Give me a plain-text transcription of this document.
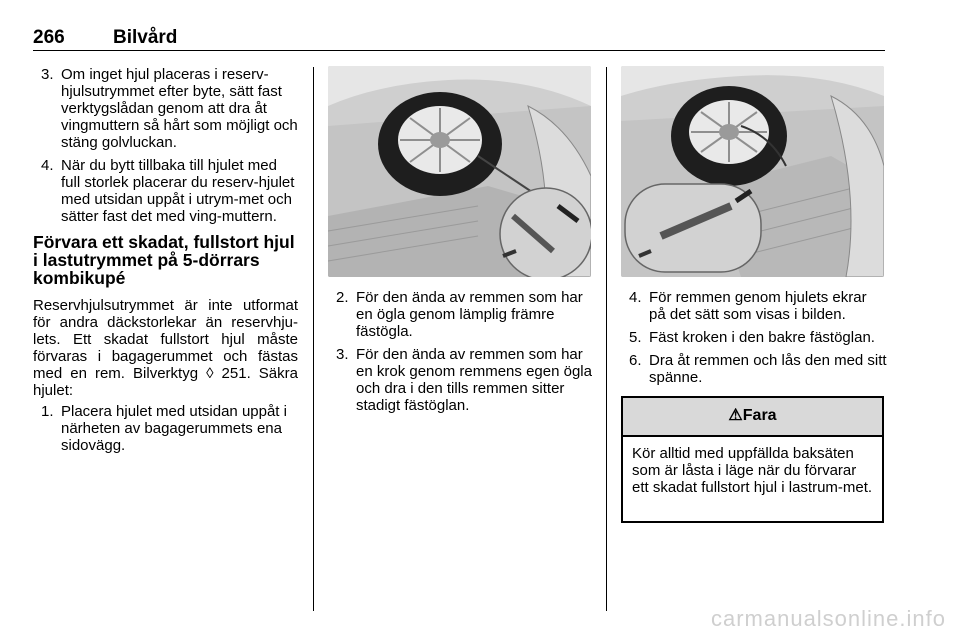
266	Bilvård
3. Om inget hjul placeras i reserv-hjulsutrymmet efter byte, sätt fast verktygslådan genom att dra åt vingmuttern så hårt som möjligt och stäng golvluckan.
4. När du bytt tillbaka till hjulet med full storlek placerar du reserv-hjulet med utsidan uppåt i utrym-met och sätter fast det med ving-muttern.
Förvara ett skadat, fullstort hjul i lastutrymmet på 5-dörrars kombikupé

Reservhjulsutrymmet är inte utformat för andra däckstorlekar än reservhju-lets. Ett skadat fullstort hjul måste förvaras i bagagerummet och fästas med en rem. Bilverktyg ◊ 251. Säkra hjulet:

1. Placera hjulet med utsidan uppåt i närheten av bagagerummets ena sidovägg.
2. För den ända av remmen som har en ögla genom lämplig främre fästögla.
3. För den ända av remmen som har en krok genom remmens egen ögla och dra i den tills remmen sitter stadigt fästöglan.
4. För remmen genom hjulets ekrar på det sätt som visas i bilden.
5. Fäst kroken i den bakre fästöglan.
6. Dra åt remmen och lås den med sitt spänne.
⚠Fara
Kör alltid med uppfällda baksäten som är låsta i läge när du förvarar ett skadat fullstort hjul i lastrum-met.
carmanualsonline.info
